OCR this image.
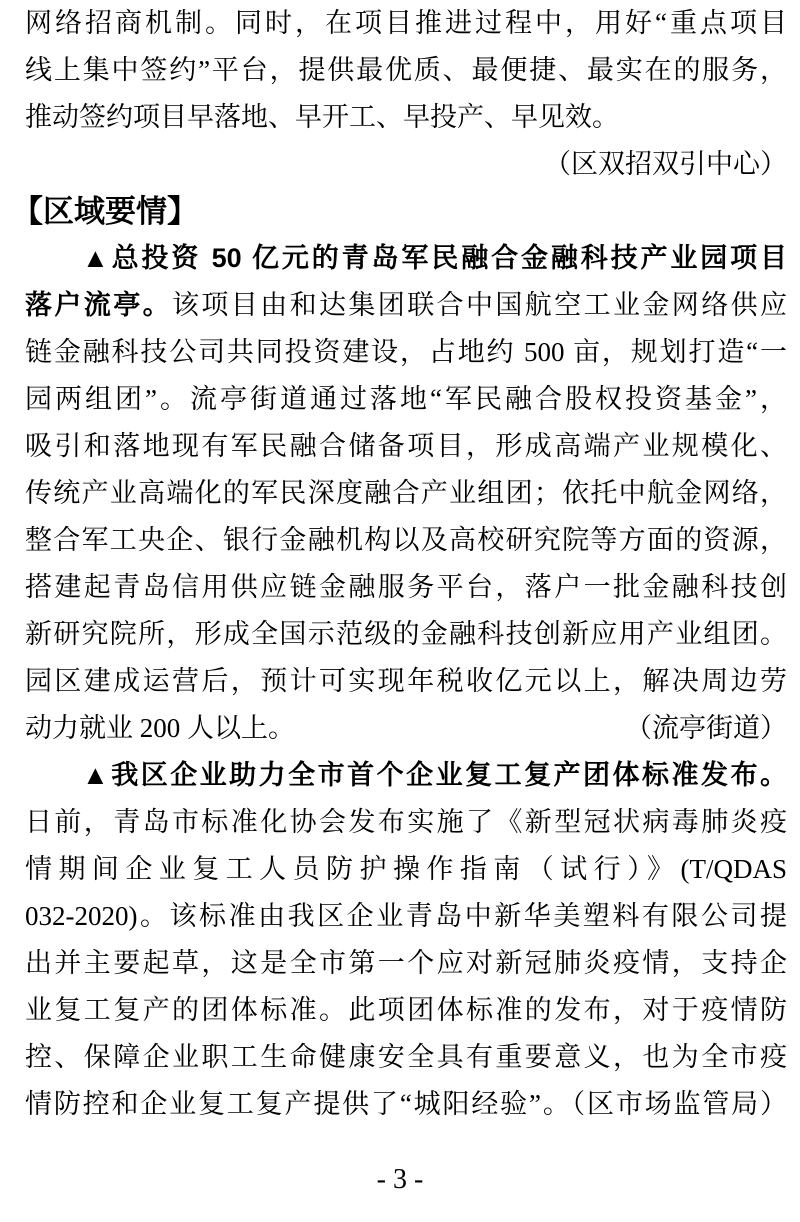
网络招商机制。同时，在项目推进过程中，用好“重点项目
线上集中签约”平台，提供最优质、最便捷、最实在的服务，
推动签约项目早落地、早开工、早投产、早见效。
（区双招双引中心）
【区域要情】
▲总投资 50 亿元的青岛军民融合金融科技产业园项目
落户流亭。该项目由和达集团联合中国航空工业金网络供应
链金融科技公司共同投资建设，占地约 500 亩，规划打造“一
园两组团”。流亭街道通过落地“军民融合股权投资基金”，
吸引和落地现有军民融合储备项目，形成高端产业规模化、
传统产业高端化的军民深度融合产业组团；依托中航金网络，
整合军工央企、银行金融机构以及高校研究院等方面的资源，
搭建起青岛信用供应链金融服务平台，落户一批金融科技创
新研究院所，形成全国示范级的金融科技创新应用产业组团。
园区建成运营后，预计可实现年税收亿元以上，解决周边劳
动力就业 200 人以上。	（流亭街道）
▲我区企业助力全市首个企业复工复产团体标准发布。
日前，青岛市标准化协会发布实施了《新型冠状病毒肺炎疫
情期间企业复工人员防护操作指南（试行）》(T/QDAS
032-2020)。该标准由我区企业青岛中新华美塑料有限公司提
出并主要起草，这是全市第一个应对新冠肺炎疫情，支持企
业复工复产的团体标准。此项团体标准的发布，对于疫情防
控、保障企业职工生命健康安全具有重要意义，也为全市疫
情防控和企业复工复产提供了“城阳经验”。（区市场监管局）
- 3 -
